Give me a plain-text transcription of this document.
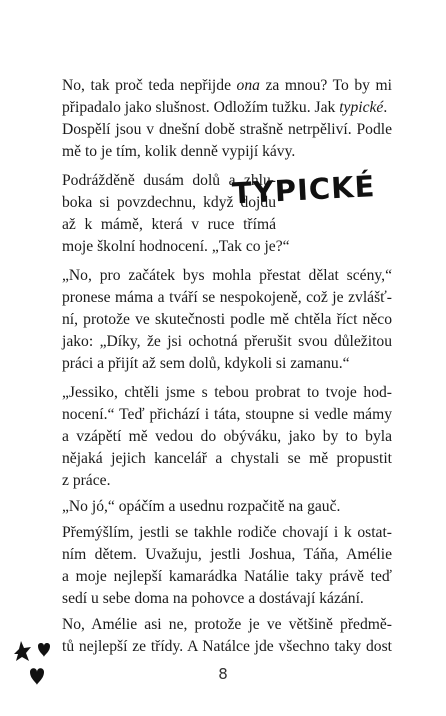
No, tak proč teda nepřijde ona za mnou? To by mi
připadalo jako slušnost. Odložím tužku. Jak typické.
Dospělí jsou v dnešní době strašně netrpěliví. Podle
mě to je tím, kolik denně vypijí kávy.
Podrážděně dusám dolů a zhlu-
boka si povzdechnu, když dojdu
až k mámě, která v ruce třímá
moje školní hodnocení. „Tak co je?“
„No, pro začátek bys mohla přestat dělat scény,“
pronese máma a tváří se nespokojeně, což je zvlášť-
ní, protože ve skutečnosti podle mě chtěla říct něco
jako: „Díky, že jsi ochotná přerušit svou důležitou
práci a přijít až sem dolů, kdykoli si zamanu.“
„Jessiko, chtěli jsme s tebou probrat to tvoje hod-
nocení.“ Teď přichází i táta, stoupne si vedle mámy
a vzápětí mě vedou do obýváku, jako by to byla
nějaká jejich kancelář a chystali se mě propustit
z práce.
„No jó,“ opáčím a usednu rozpačitě na gauč.
Přemýšlím, jestli se takhle rodiče chovají i k ostat-
ním dětem. Uvažuju, jestli Joshua, Táňa, Amélie
a moje nejlepší kamarádka Natálie taky právě teď
sedí u sebe doma na pohovce a dostávají kázání.
No, Amélie asi ne, protože je ve většině předmě-
tů nejlepší ze třídy. A Natálce jde všechno taky dost
TYPICKÉ
8
